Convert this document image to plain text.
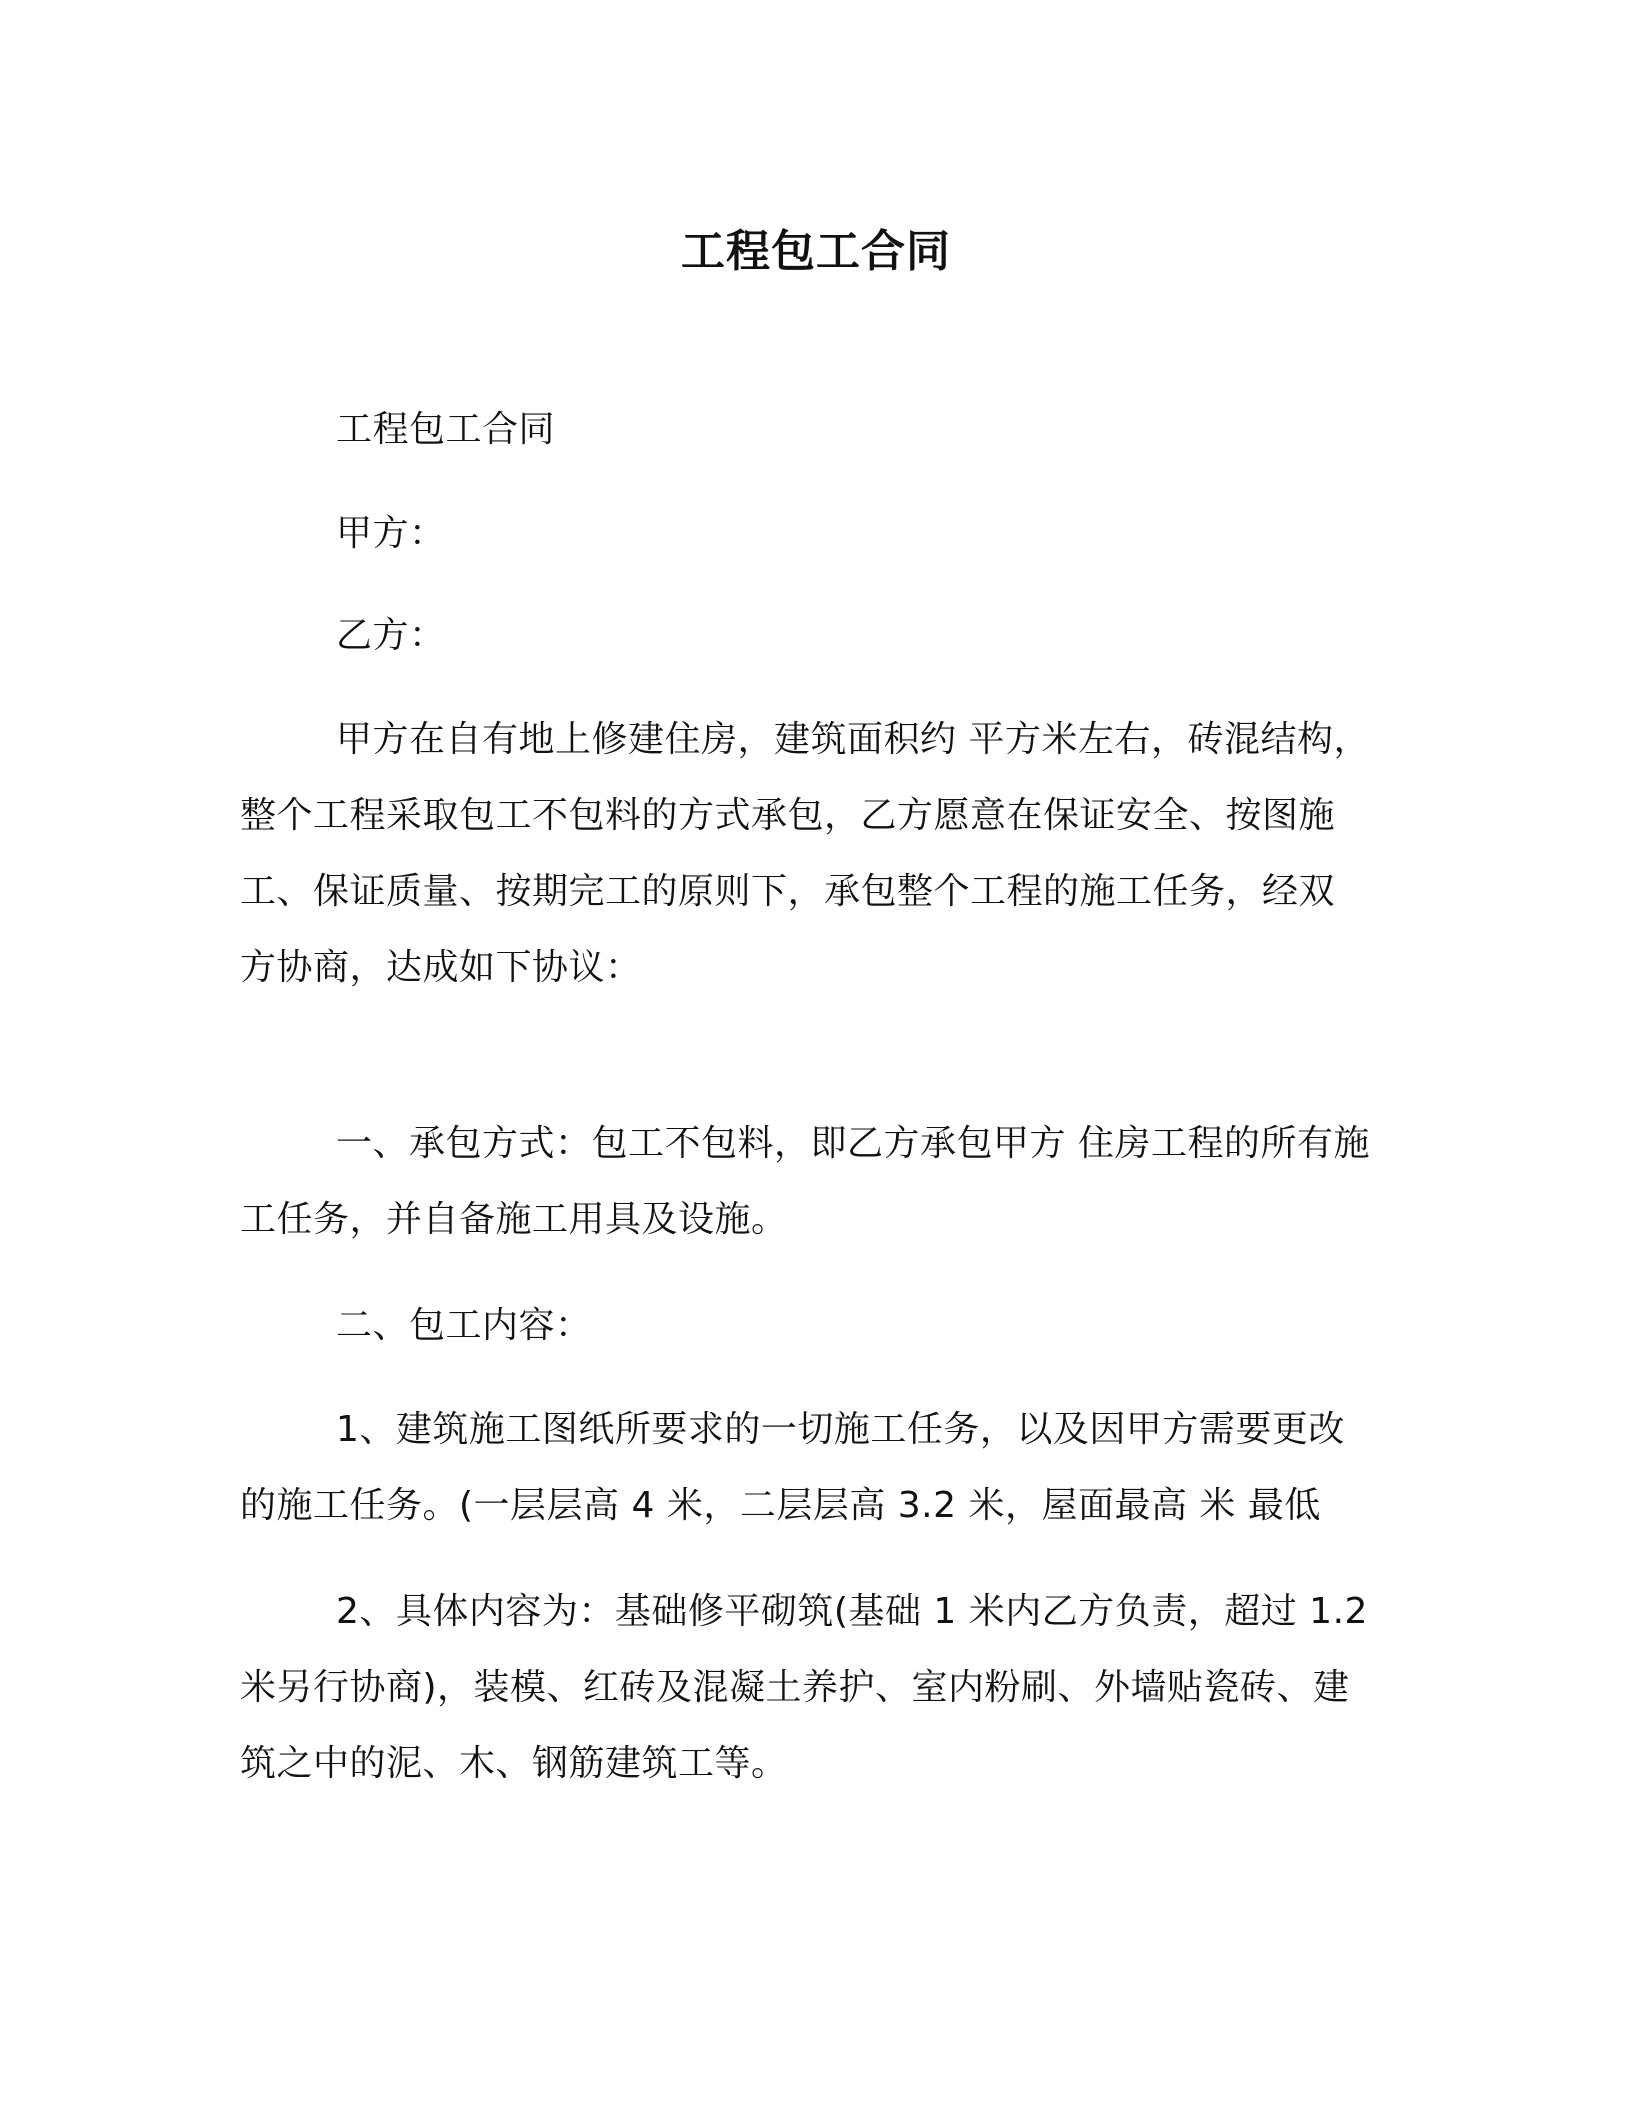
工程包工合同
工程包工合同
甲方：
乙方：
甲方在自有地上修建住房，建筑面积约 平方米左右，砖混结构，
整个工程采取包工不包料的方式承包，乙方愿意在保证安全、按图施
工、保证质量、按期完工的原则下，承包整个工程的施工任务，经双
方协商，达成如下协议：
一、承包方式：包工不包料，即乙方承包甲方 住房工程的所有施
工任务，并自备施工用具及设施。
二、包工内容：
1、建筑施工图纸所要求的一切施工任务，以及因甲方需要更改
的施工任务。(一层层高 4 米，二层层高 3.2 米，屋面最高 米 最低
2、具体内容为：基础修平砌筑(基础 1 米内乙方负责，超过 1.2
米另行协商)，装模、红砖及混凝土养护、室内粉刷、外墙贴瓷砖、建
筑之中的泥、木、钢筋建筑工等。
